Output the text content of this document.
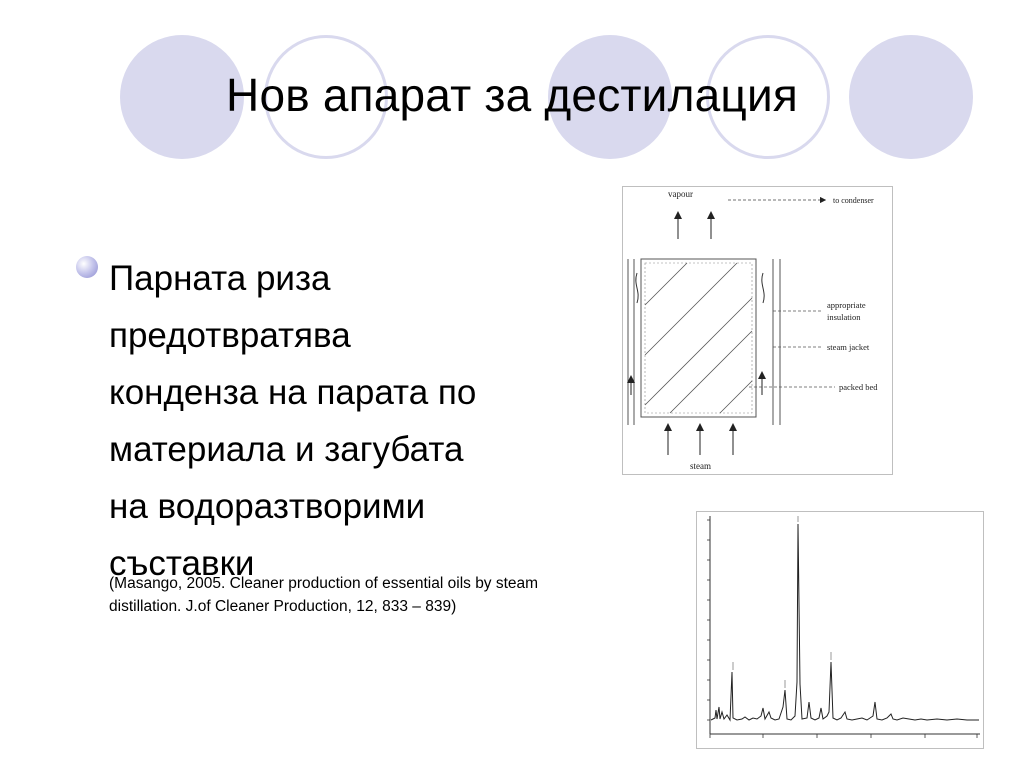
Нов апарат за дестилация
Парната риза
предотвратява
конденза на парата по
материала и загубата
на водоразтворими
съставки
(Masango, 2005. Cleaner production of essential oils by steam
distillation. J.of Cleaner Production, 12, 833 – 839)
vapour
to condenser
appropriate
insulation
steam jacket
packed bed
steam
